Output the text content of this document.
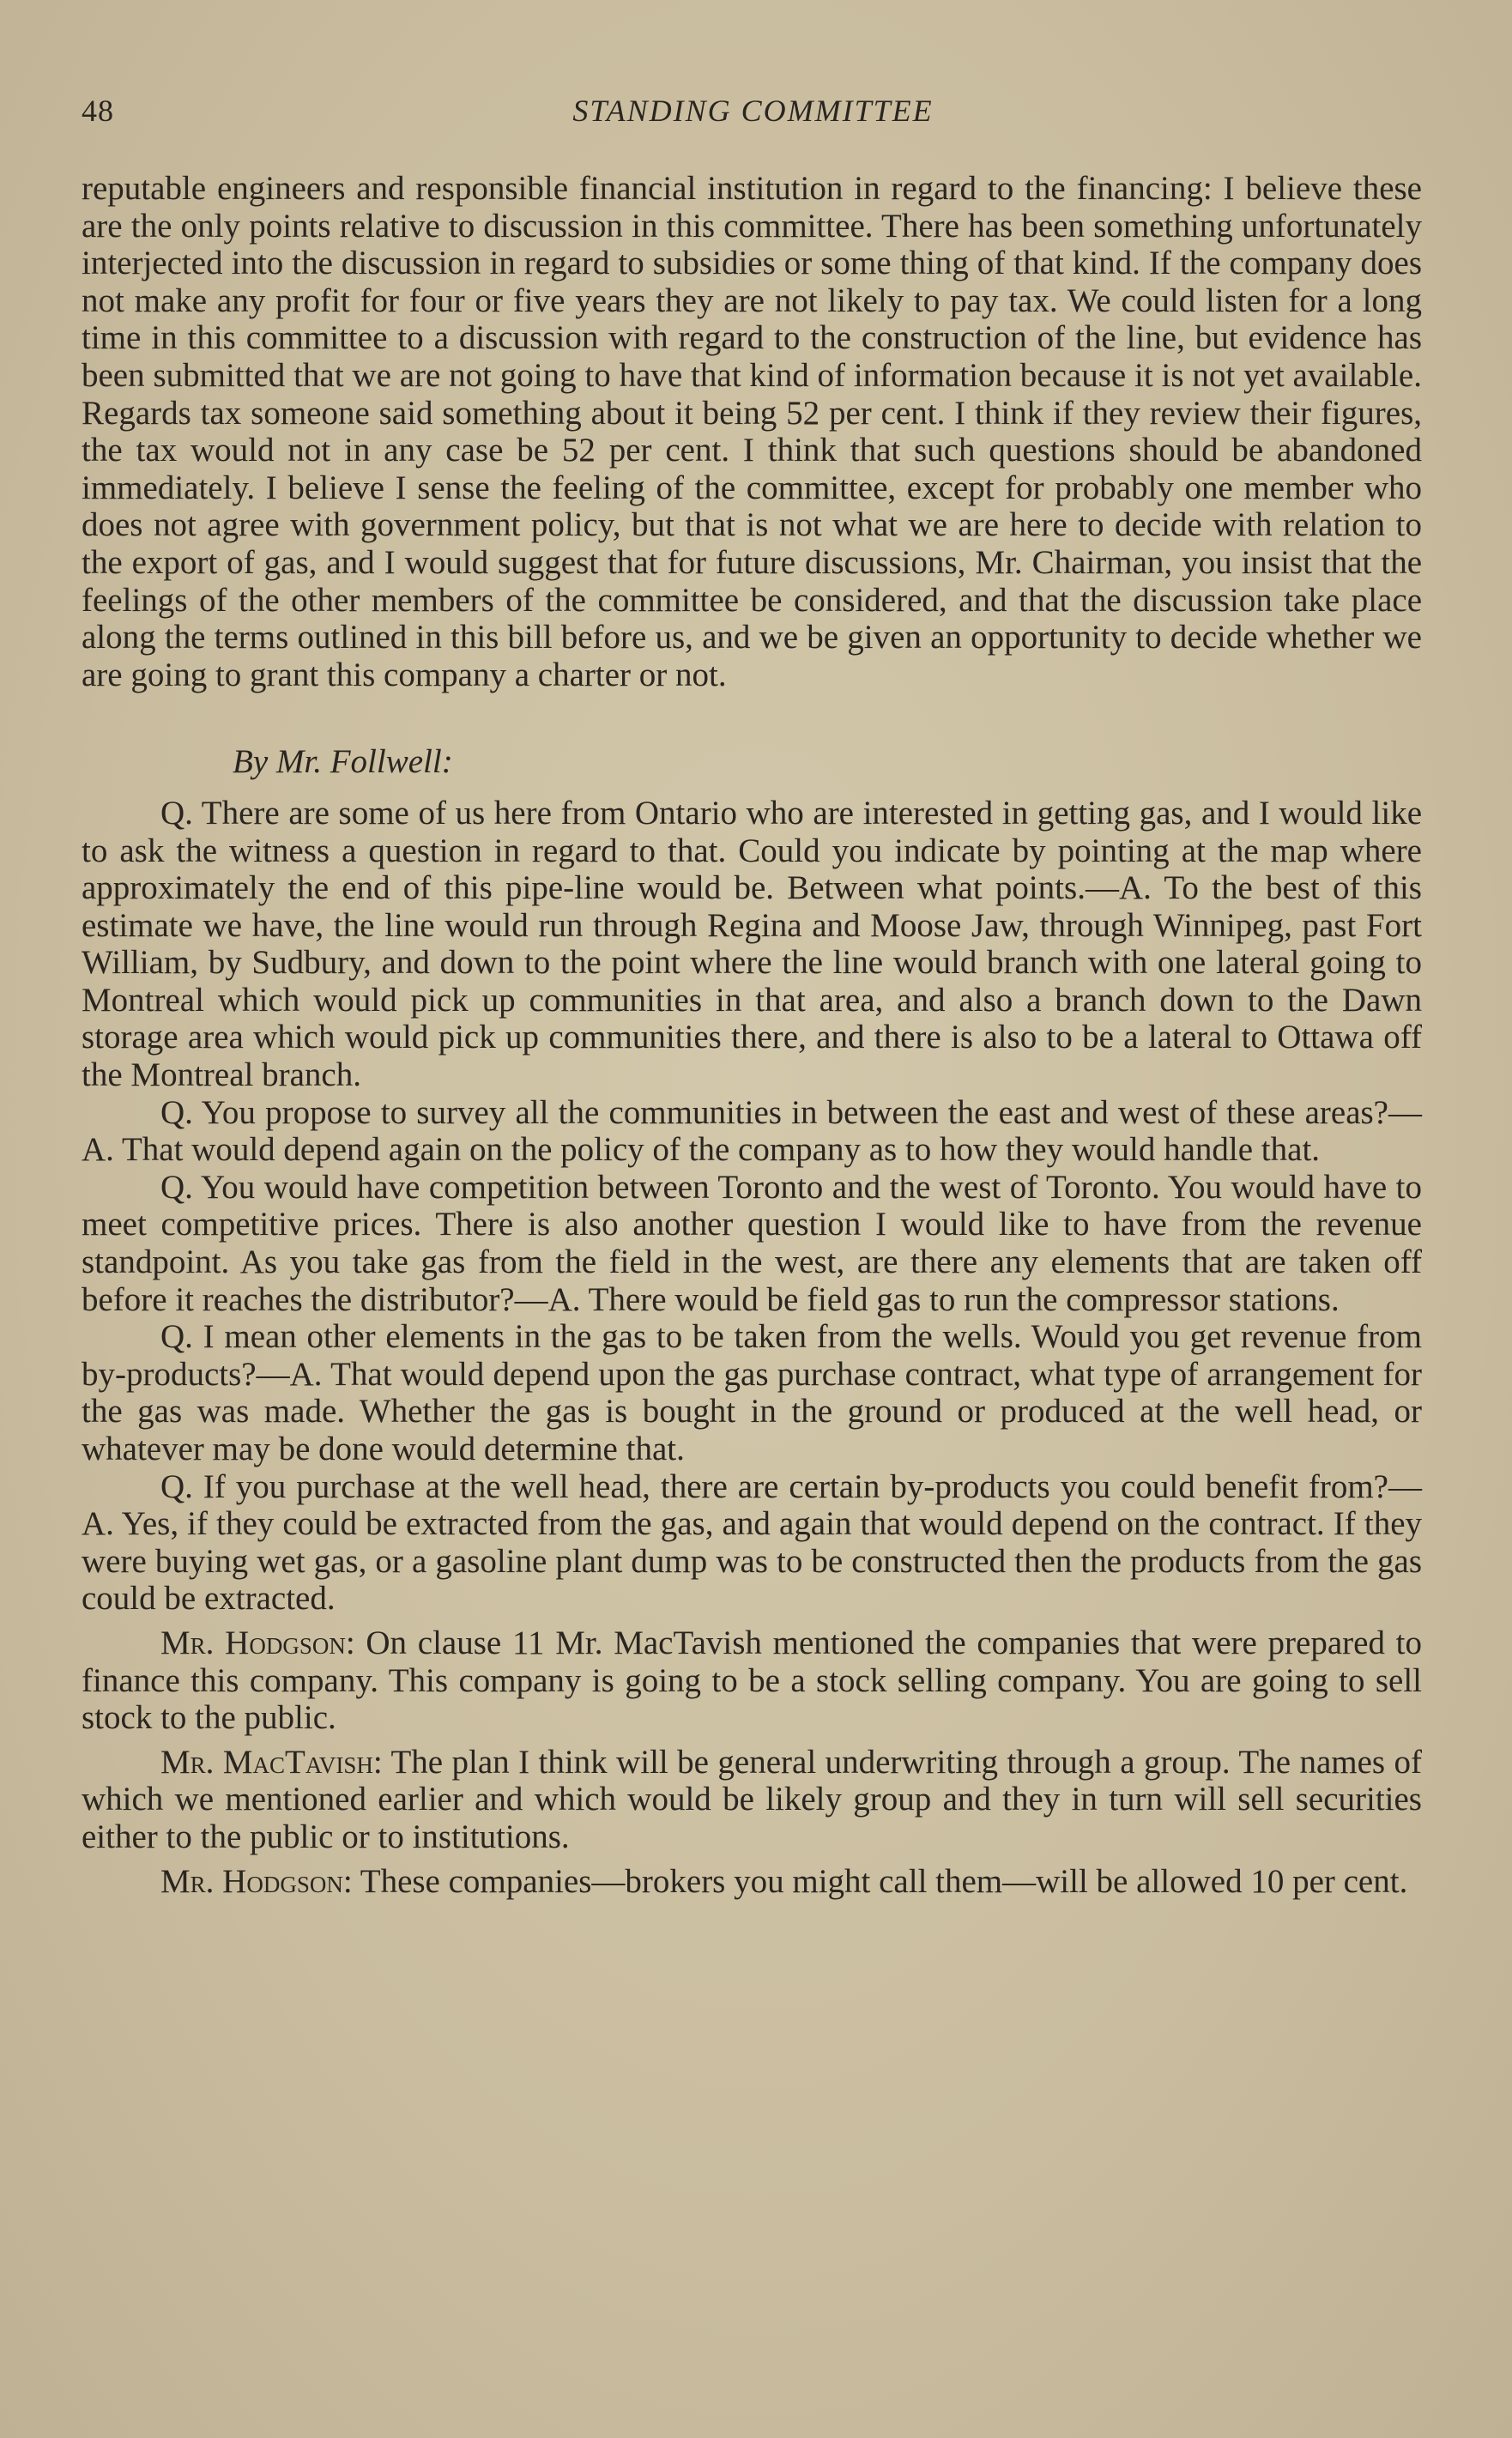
48	STANDING COMMITTEE

reputable engineers and responsible financial institution in regard to the financing: I believe these are the only points relative to discussion in this committee. There has been something unfortunately interjected into the discussion in regard to subsidies or some thing of that kind. If the company does not make any profit for four or five years they are not likely to pay tax. We could listen for a long time in this committee to a discussion with regard to the construction of the line, but evidence has been submitted that we are not going to have that kind of information because it is not yet available. Regards tax someone said something about it being 52 per cent. I think if they review their figures, the tax would not in any case be 52 per cent. I think that such questions should be abandoned immediately. I believe I sense the feeling of the committee, except for probably one member who does not agree with government policy, but that is not what we are here to decide with relation to the export of gas, and I would suggest that for future discussions, Mr. Chairman, you insist that the feelings of the other members of the committee be considered, and that the discussion take place along the terms outlined in this bill before us, and we be given an opportunity to decide whether we are going to grant this company a charter or not.

By Mr. Follwell:

Q. There are some of us here from Ontario who are interested in getting gas, and I would like to ask the witness a question in regard to that. Could you indicate by pointing at the map where approximately the end of this pipe-line would be. Between what points.—A. To the best of this estimate we have, the line would run through Regina and Moose Jaw, through Winnipeg, past Fort William, by Sudbury, and down to the point where the line would branch with one lateral going to Montreal which would pick up communities in that area, and also a branch down to the Dawn storage area which would pick up communities there, and there is also to be a lateral to Ottawa off the Montreal branch.

Q. You propose to survey all the communities in between the east and west of these areas?—A. That would depend again on the policy of the company as to how they would handle that.

Q. You would have competition between Toronto and the west of Toronto. You would have to meet competitive prices. There is also another question I would like to have from the revenue standpoint. As you take gas from the field in the west, are there any elements that are taken off before it reaches the distributor?—A. There would be field gas to run the compressor stations.

Q. I mean other elements in the gas to be taken from the wells. Would you get revenue from by-products?—A. That would depend upon the gas purchase contract, what type of arrangement for the gas was made. Whether the gas is bought in the ground or produced at the well head, or whatever may be done would determine that.

Q. If you purchase at the well head, there are certain by-products you could benefit from?—A. Yes, if they could be extracted from the gas, and again that would depend on the contract. If they were buying wet gas, or a gasoline plant dump was to be constructed then the products from the gas could be extracted.

Mr. Hodgson: On clause 11 Mr. MacTavish mentioned the companies that were prepared to finance this company. This company is going to be a stock selling company. You are going to sell stock to the public.

Mr. MacTavish: The plan I think will be general underwriting through a group. The names of which we mentioned earlier and which would be likely group and they in turn will sell securities either to the public or to institutions.

Mr. Hodgson: These companies—brokers you might call them—will be allowed 10 per cent.
